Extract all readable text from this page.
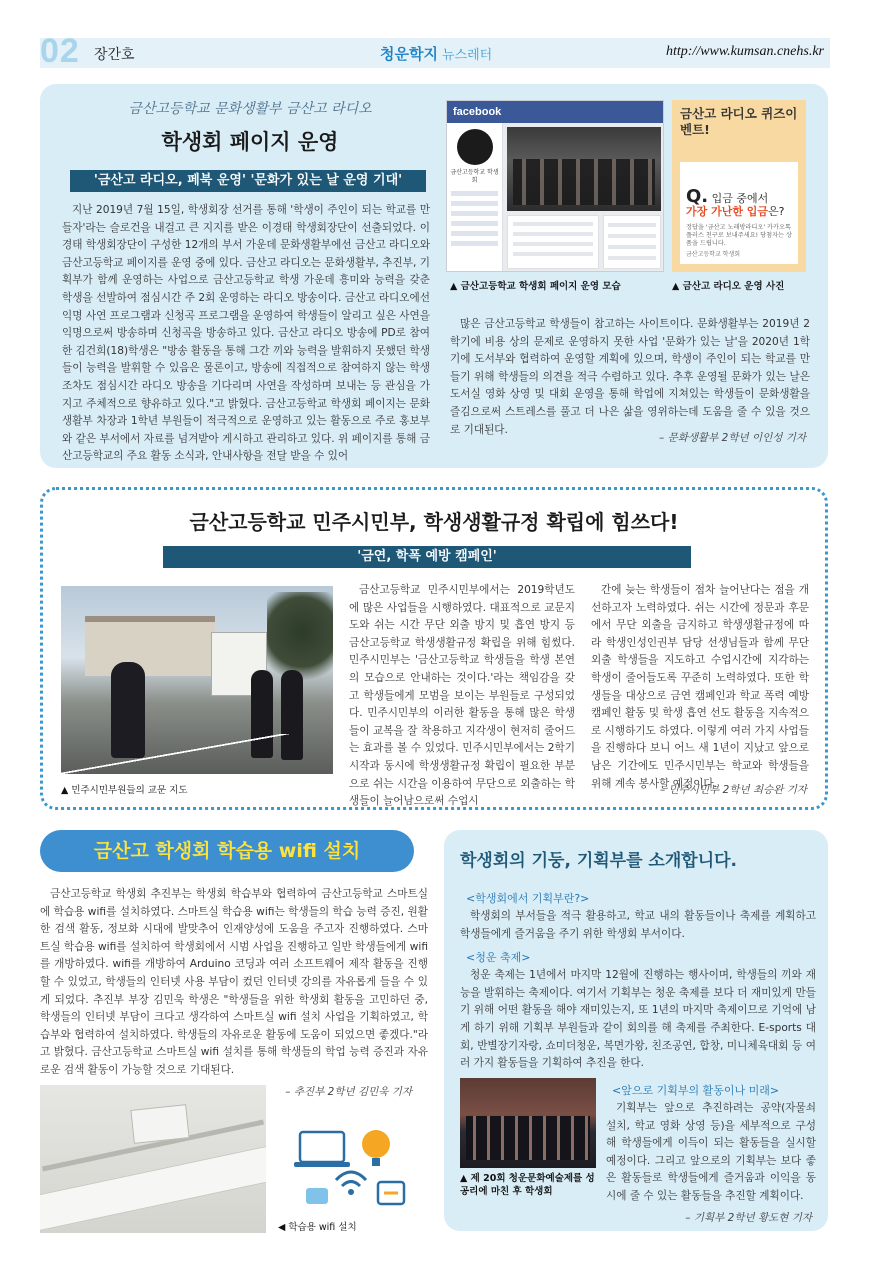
02 장간호	청운학지 뉴스레터	http://www.kumsan.cnehs.kr
금산고등학교 문화생활부 금산고 라디오
학생회 페이지 운영
'금산고 라디오, 페북 운영' '문화가 있는 날 운영 기대'

지난 2019년 7월 15일, 학생회장 선거를 통해 '학생이 주인이 되는 학교를 만들자'라는 슬로건을 내걸고 큰 지지를 받은 이경태 학생회장단이 선출되었다. 이경태 학생회장단이 구성한 12개의 부서 가운데 문화생활부에선 금산고 라디오와 금산고등학교 페이지를 운영 중에 있다. 금산고 라디오는 문화생활부, 추진부, 기획부가 함께 운영하는 사업으로 금산고등학교 학생 가운데 흥미와 능력을 갖춘 학생을 선발하여 점심시간 주 2회 운영하는 라디오 방송이다. 금산고 라디오에선 익명 사연 프로그램과 신청곡 프로그램을 운영하여 학생들이 알리고 싶은 사연을 익명으로써 방송하며 신청곡을 방송하고 있다. 금산고 라디오 방송에 PD로 참여한 김건희(18)학생은 "방송 활동을 통해 그간 끼와 능력을 발휘하지 못했던 학생들이 능력을 발휘할 수 있음은 물론이고, 방송에 직접적으로 참여하지 않는 학생조차도 점심시간 라디오 방송을 기다리며 사연을 작성하며 보내는 등 관심을 가지고 주체적으로 향유하고 있다."고 밝혔다. 금산고등학교 학생회 페이지는 문화생활부 차장과 1학년 부원들이 적극적으로 운영하고 있는 활동으로 주로 홍보부와 같은 부서에서 자료를 넘겨받아 게시하고 관리하고 있다. 위 페이지를 통해 금산고등학교의 주요 활동 소식과, 안내사항을 전달 받을 수 있어

facebook
금산고등학교 학생회
금산고 라디오 퀴즈이벤트!
Q. 입금 중에서
가장 가난한 입금은?
정답을 '금산고 노래방라디오' 카카오톡 플러스 친구로 보내주세요! 당첨자는 상품을 드립니다.
금산고등학교 학생회
▲ 금산고등학교 학생회 페이지 운영 모습	▲ 금산고 라디오 운영 사진

많은 금산고등학교 학생들이 참고하는 사이트이다. 문화생활부는 2019년 2학기에 비용 상의 문제로 운영하지 못한 사업 '문화가 있는 날'을 2020년 1학기에 도서부와 협력하여 운영할 계획에 있으며, 학생이 주인이 되는 학교를 만들기 위해 학생들의 의견을 적극 수렴하고 있다. 추후 운영될 문화가 있는 날은 도서실 영화 상영 및 대회 운영을 통해 학업에 지쳐있는 학생들이 문화생활을 즐김으로써 스트레스를 풀고 더 나은 삶을 영위하는데 도움을 줄 수 있을 것으로 기대된다.

– 문화생활부 2학년 이인성 기자
금산고등학교 민주시민부, 학생생활규정 확립에 힘쓰다!
'금연, 학폭 예방 캠페인'
▲ 민주시민부원들의 교문 지도

금산고등학교 민주시민부에서는 2019학년도에 많은 사업들을 시행하였다. 대표적으로 교문지도와 쉬는 시간 무단 외출 방지 및 흡연 방지 등 금산고등학교 학생생활규정 확립을 위해 힘썼다. 민주시민부는 '금산고등학교 학생들을 학생 본연의 모습으로 안내하는 것이다.'라는 책임감을 갖고 학생들에게 모범을 보이는 부원들로 구성되었다. 민주시민부의 이러한 활동을 통해 많은 학생들이 교복을 잘 착용하고 지각생이 현저히 줄어드는 효과를 볼 수 있었다. 민주시민부에서는 2학기 시작과 동시에 학생생활규정 확립이 필요한 부분으로 쉬는 시간을 이용하여 무단으로 외출하는 학생들이 늘어남으로써 수업시

간에 늦는 학생들이 점차 늘어난다는 점을 개선하고자 노력하였다. 쉬는 시간에 정문과 후문에서 무단 외출을 금지하고 학생생활규정에 따라 학생인성인권부 담당 선생님들과 함께 무단 외출 학생들을 지도하고 수업시간에 지각하는 학생이 줄어들도록 꾸준히 노력하였다. 또한 학생들을 대상으로 금연 캠페인과 학교 폭력 예방 캠페인 활동 및 학생 흡연 선도 활동을 지속적으로 시행하기도 하였다. 이렇게 여러 가지 사업들을 진행하다 보니 어느 새 1년이 지났고 앞으로 남은 기간에도 민주시민부는 학교와 학생들을 위해 계속 봉사할 예정이다.

– 민주시민부 2학년 최승완 기자
금산고 학생회 학습용 wifi 설치

금산고등학교 학생회 추진부는 학생회 학습부와 협력하여 금산고등학교 스마트실에 학습용 wifi를 설치하였다. 스마트실 학습용 wifi는 학생들의 학습 능력 증진, 원활한 검색 활동, 정보화 시대에 발맞추어 인재양성에 도움을 주고자 진행하였다. 스마트실 학습용 wifi를 설치하여 학생회에서 시범 사업을 진행하고 일반 학생들에게 wifi를 개방하였다. wifi를 개방하여 Arduino 코딩과 여러 소프트웨어 제작 활동을 진행할 수 있었고, 학생들의 인터넷 사용 부담이 컸던 인터넷 강의를 자유롭게 들을 수 있게 되었다. 추진부 부장 김민욱 학생은 "학생들을 위한 학생회 활동을 고민하던 중, 학생들의 인터넷 부담이 크다고 생각하여 스마트실 wifi 설치 사업을 기획하였고, 학습부와 협력하여 설치하였다. 학생들의 자유로운 활동에 도움이 되었으면 좋겠다."라고 밝혔다. 금산고등학교 스마트실 wifi 설치를 통해 학생들의 학업 능력 증진과 자유로운 검색 활동이 가능할 것으로 기대된다.

– 추진부 2학년 김민욱 기자
◀ 학습용 wifi 설치
학생회의 기둥, 기획부를 소개합니다.
<학생회에서 기획부란?>

학생회의 부서들을 적극 활용하고, 학교 내의 활동들이나 축제를 계획하고 학생들에게 즐거움을 주기 위한 학생회 부서이다.

<청운 축제>

청운 축제는 1년에서 마지막 12월에 진행하는 행사이며, 학생들의 끼와 재능을 발휘하는 축제이다. 여기서 기획부는 청운 축제를 보다 더 재미있게 만들기 위해 어떤 활동을 해야 재미있는지, 또 1년의 마지막 축제이므로 기억에 남게 하기 위해 기획부 부원들과 같이 회의를 해 축제를 주최한다. E-sports 대회, 반별장기자랑, 쇼미더청운, 복면가왕, 친조공연, 합창, 미니체육대회 등 여러 가지 활동들을 기획하여 추진을 한다.

▲ 제 20회 청운문화예술제를 성공리에 마친 후 학생회
<앞으로 기획부의 활동이나 미래>

기획부는 앞으로 추진하려는 공약(자물쇠 설치, 학교 영화 상영 등)을 세부적으로 구성해 학생들에게 이득이 되는 활동들을 실시할 예정이다. 그리고 앞으로의 기획부는 보다 좋은 활동들로 학생들에게 즐거움과 이익을 동시에 줄 수 있는 활동들을 추진할 계획이다.

– 기획부 2학년 황도현 기자
